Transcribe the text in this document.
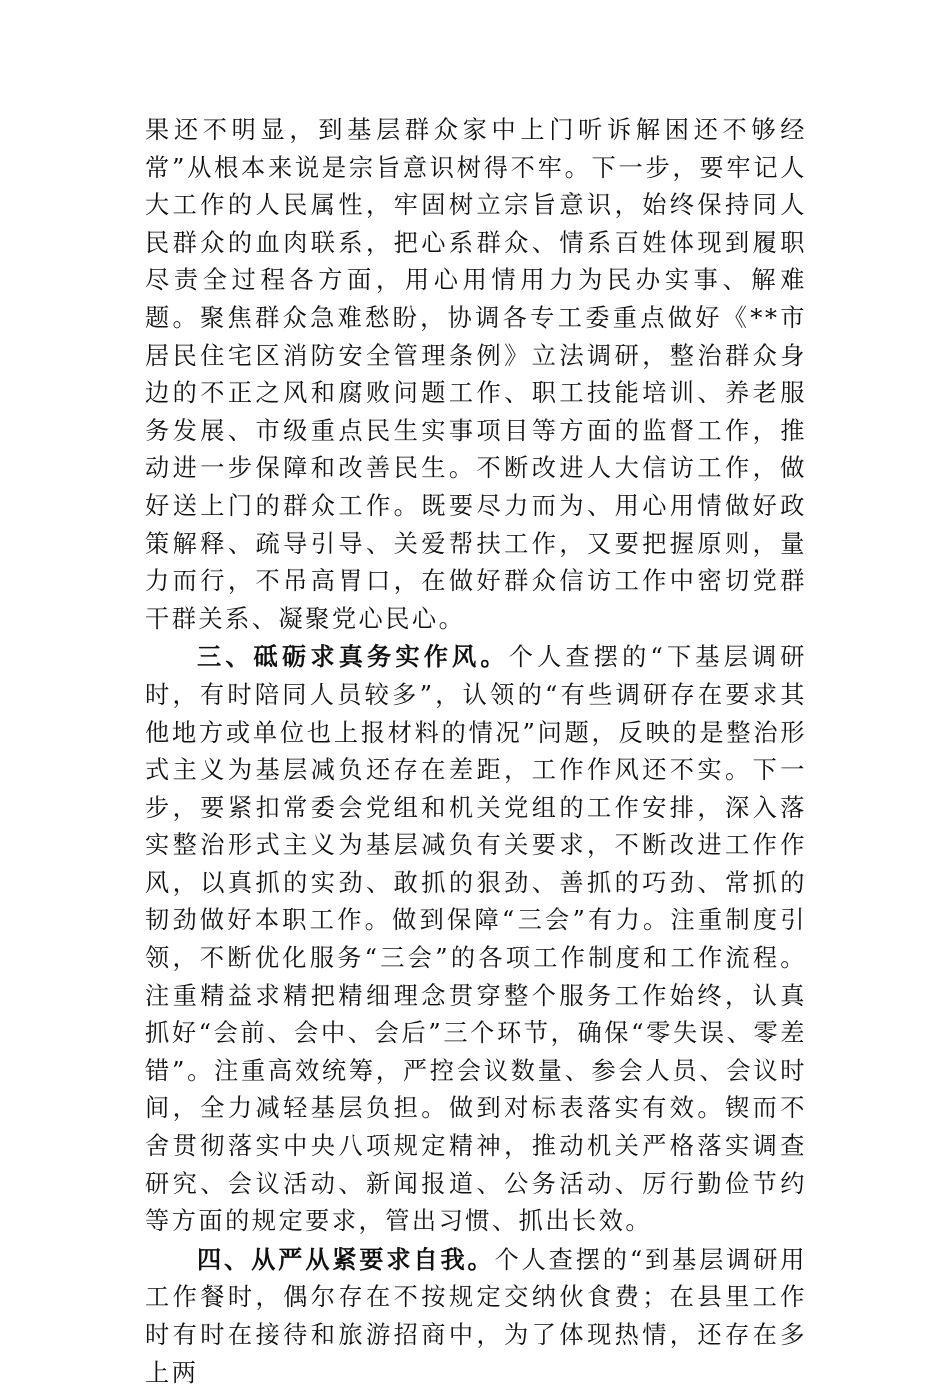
果还不明显，到基层群众家中上门听诉解困还不够经常”从根本来说是宗旨意识树得不牢。下一步，要牢记人大工作的人民属性，牢固树立宗旨意识，始终保持同人民群众的血肉联系，把心系群众、情系百姓体现到履职尽责全过程各方面，用心用情用力为民办实事、解难题。聚焦群众急难愁盼，协调各专工委重点做好《**市居民住宅区消防安全管理条例》立法调研，整治群众身边的不正之风和腐败问题工作、职工技能培训、养老服务发展、市级重点民生实事项目等方面的监督工作，推动进一步保障和改善民生。不断改进人大信访工作，做好送上门的群众工作。既要尽力而为、用心用情做好政策解释、疏导引导、关爱帮扶工作，又要把握原则，量力而行，不吊高胃口，在做好群众信访工作中密切党群干群关系、凝聚党心民心。

三、砥砺求真务实作风。个人查摆的“下基层调研时，有时陪同人员较多”，认领的“有些调研存在要求其他地方或单位也上报材料的情况”问题，反映的是整治形式主义为基层减负还存在差距，工作作风还不实。下一步，要紧扣常委会党组和机关党组的工作安排，深入落实整治形式主义为基层减负有关要求，不断改进工作作风，以真抓的实劲、敢抓的狠劲、善抓的巧劲、常抓的韧劲做好本职工作。做到保障“三会”有力。注重制度引领，不断优化服务“三会”的各项工作制度和工作流程。注重精益求精把精细理念贯穿整个服务工作始终，认真抓好“会前、会中、会后”三个环节，确保“零失误、零差错”。注重高效统筹，严控会议数量、参会人员、会议时间，全力减轻基层负担。做到对标表落实有效。锲而不舍贯彻落实中央八项规定精神，推动机关严格落实调查研究、会议活动、新闻报道、公务活动、厉行勤俭节约等方面的规定要求，管出习惯、抓出长效。

四、从严从紧要求自我。个人查摆的“到基层调研用工作餐时，偶尔存在不按规定交纳伙食费；在县里工作时有时在接待和旅游招商中，为了体现热情，还存在多上两
